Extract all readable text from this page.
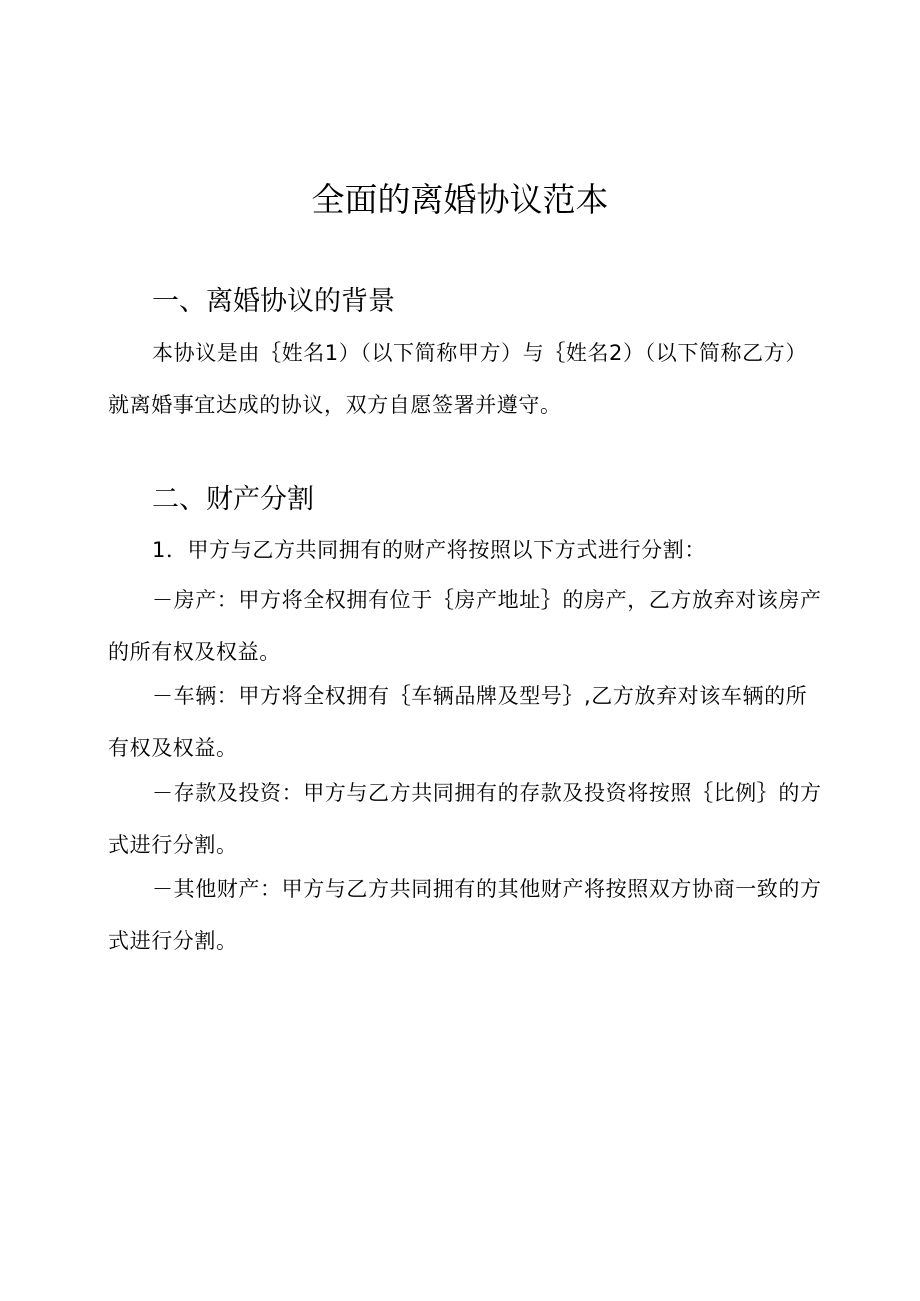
全面的离婚协议范本
一、离婚协议的背景

本协议是由｛姓名1）（以下简称甲方）与｛姓名2）（以下简称乙方）就离婚事宜达成的协议，双方自愿签署并遵守。

二、财产分割

1．甲方与乙方共同拥有的财产将按照以下方式进行分割：

－房产：甲方将全权拥有位于｛房产地址｝的房产，乙方放弃对该房产的所有权及权益。

－车辆：甲方将全权拥有｛车辆品牌及型号｝,乙方放弃对该车辆的所有权及权益。

－存款及投资：甲方与乙方共同拥有的存款及投资将按照｛比例｝的方式进行分割。

－其他财产：甲方与乙方共同拥有的其他财产将按照双方协商一致的方式进行分割。
